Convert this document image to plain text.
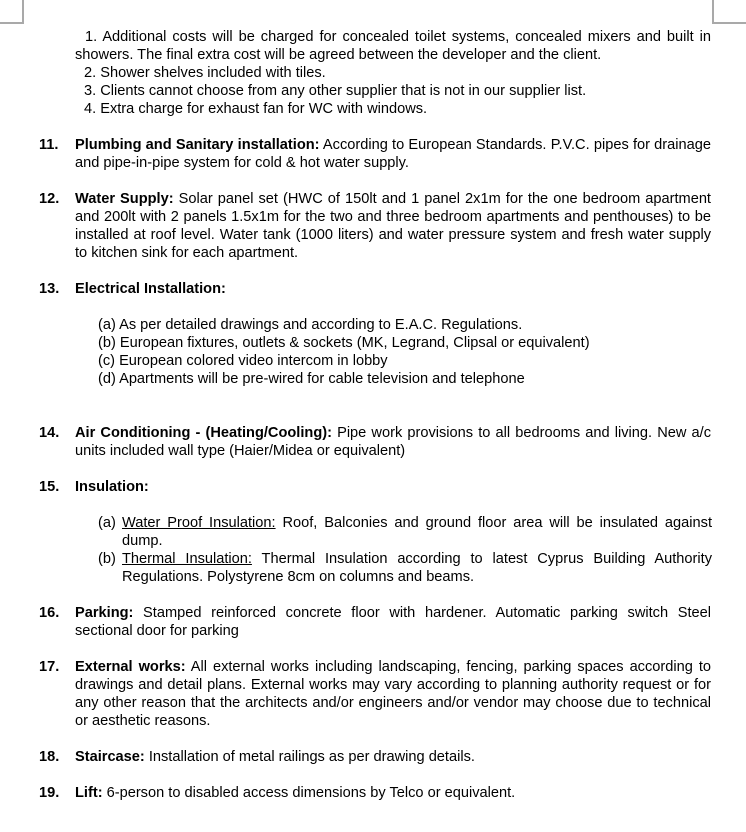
1. Additional costs will be charged for concealed toilet systems, concealed mixers and built in showers. The final extra cost will be agreed between the developer and the client.
2. Shower shelves included with tiles.
3. Clients cannot choose from any other supplier that is not in our supplier list.
4. Extra charge for exhaust fan for WC with windows.
11. Plumbing and Sanitary installation: According to European Standards. P.V.C. pipes for drainage and pipe-in-pipe system for cold & hot water supply.
12. Water Supply: Solar panel set (HWC of 150lt and 1 panel 2x1m for the one bedroom apartment and 200lt with 2 panels 1.5x1m for the two and three bedroom apartments and penthouses) to be installed at roof level. Water tank (1000 liters) and water pressure system and fresh water supply to kitchen sink for each apartment.
13. Electrical Installation:
(a) As per detailed drawings and according to E.A.C. Regulations.
(b) European fixtures, outlets & sockets (MK, Legrand, Clipsal or equivalent)
(c) European colored video intercom in lobby
(d) Apartments will be pre-wired for cable television and telephone
14. Air Conditioning - (Heating/Cooling): Pipe work provisions to all bedrooms and living. New a/c units included wall type (Haier/Midea or equivalent)
15. Insulation:
(a) Water Proof Insulation: Roof, Balconies and ground floor area will be insulated against dump.
(b) Thermal Insulation: Thermal Insulation according to latest Cyprus Building Authority Regulations. Polystyrene 8cm on columns and beams.
16. Parking: Stamped reinforced concrete floor with hardener. Automatic parking switch Steel sectional door for parking
17. External works: All external works including landscaping, fencing, parking spaces according to drawings and detail plans. External works may vary according to planning authority request or for any other reason that the architects and/or engineers and/or vendor may choose due to technical or aesthetic reasons.
18. Staircase: Installation of metal railings as per drawing details.
19. Lift: 6-person to disabled access dimensions by Telco or equivalent.
